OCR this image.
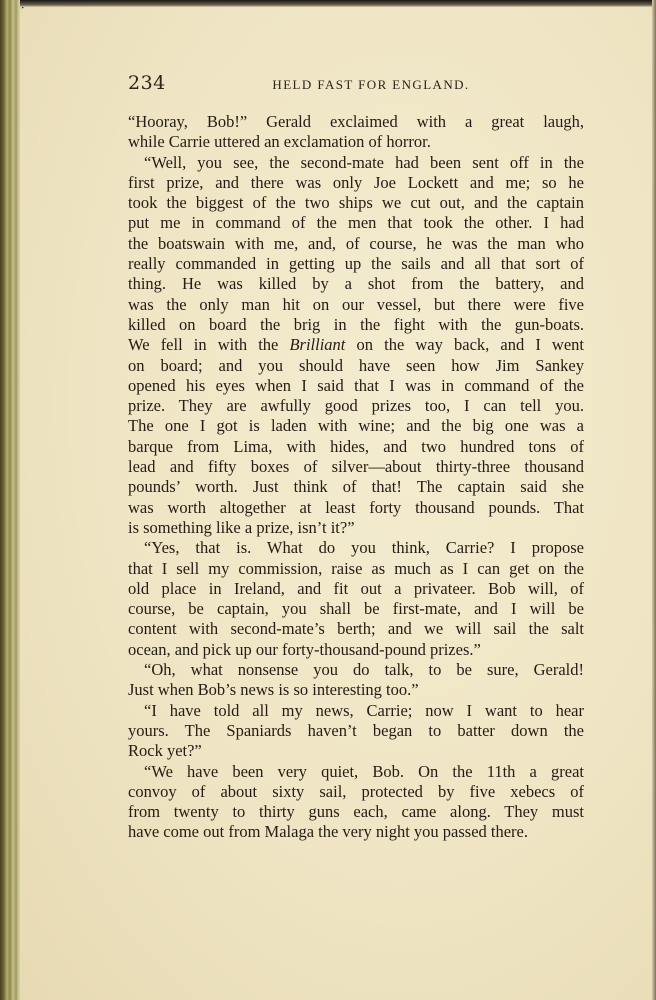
234	HELD FAST FOR ENGLAND.
“Hooray, Bob!” Gerald exclaimed with a great laugh,
while Carrie uttered an exclamation of horror.
“Well, you see, the second-mate had been sent off in the
first prize, and there was only Joe Lockett and me; so he
took the biggest of the two ships we cut out, and the captain
put me in command of the men that took the other. I had
the boatswain with me, and, of course, he was the man who
really commanded in getting up the sails and all that sort of
thing. He was killed by a shot from the battery, and
was the only man hit on our vessel, but there were five
killed on board the brig in the fight with the gun-boats.
We fell in with the Brilliant on the way back, and I went
on board; and you should have seen how Jim Sankey
opened his eyes when I said that I was in command of the
prize. They are awfully good prizes too, I can tell you.
The one I got is laden with wine; and the big one was a
barque from Lima, with hides, and two hundred tons of
lead and fifty boxes of silver—about thirty-three thousand
pounds’ worth. Just think of that! The captain said she
was worth altogether at least forty thousand pounds. That
is something like a prize, isn’t it?”
“Yes, that is. What do you think, Carrie? I propose
that I sell my commission, raise as much as I can get on the
old place in Ireland, and fit out a privateer. Bob will, of
course, be captain, you shall be first-mate, and I will be
content with second-mate’s berth; and we will sail the salt
ocean, and pick up our forty-thousand-pound prizes.”
“Oh, what nonsense you do talk, to be sure, Gerald!
Just when Bob’s news is so interesting too.”
“I have told all my news, Carrie; now I want to hear
yours. The Spaniards haven’t began to batter down the
Rock yet?”
“We have been very quiet, Bob. On the 11th a great
convoy of about sixty sail, protected by five xebecs of
from twenty to thirty guns each, came along. They must
have come out from Malaga the very night you passed there.
